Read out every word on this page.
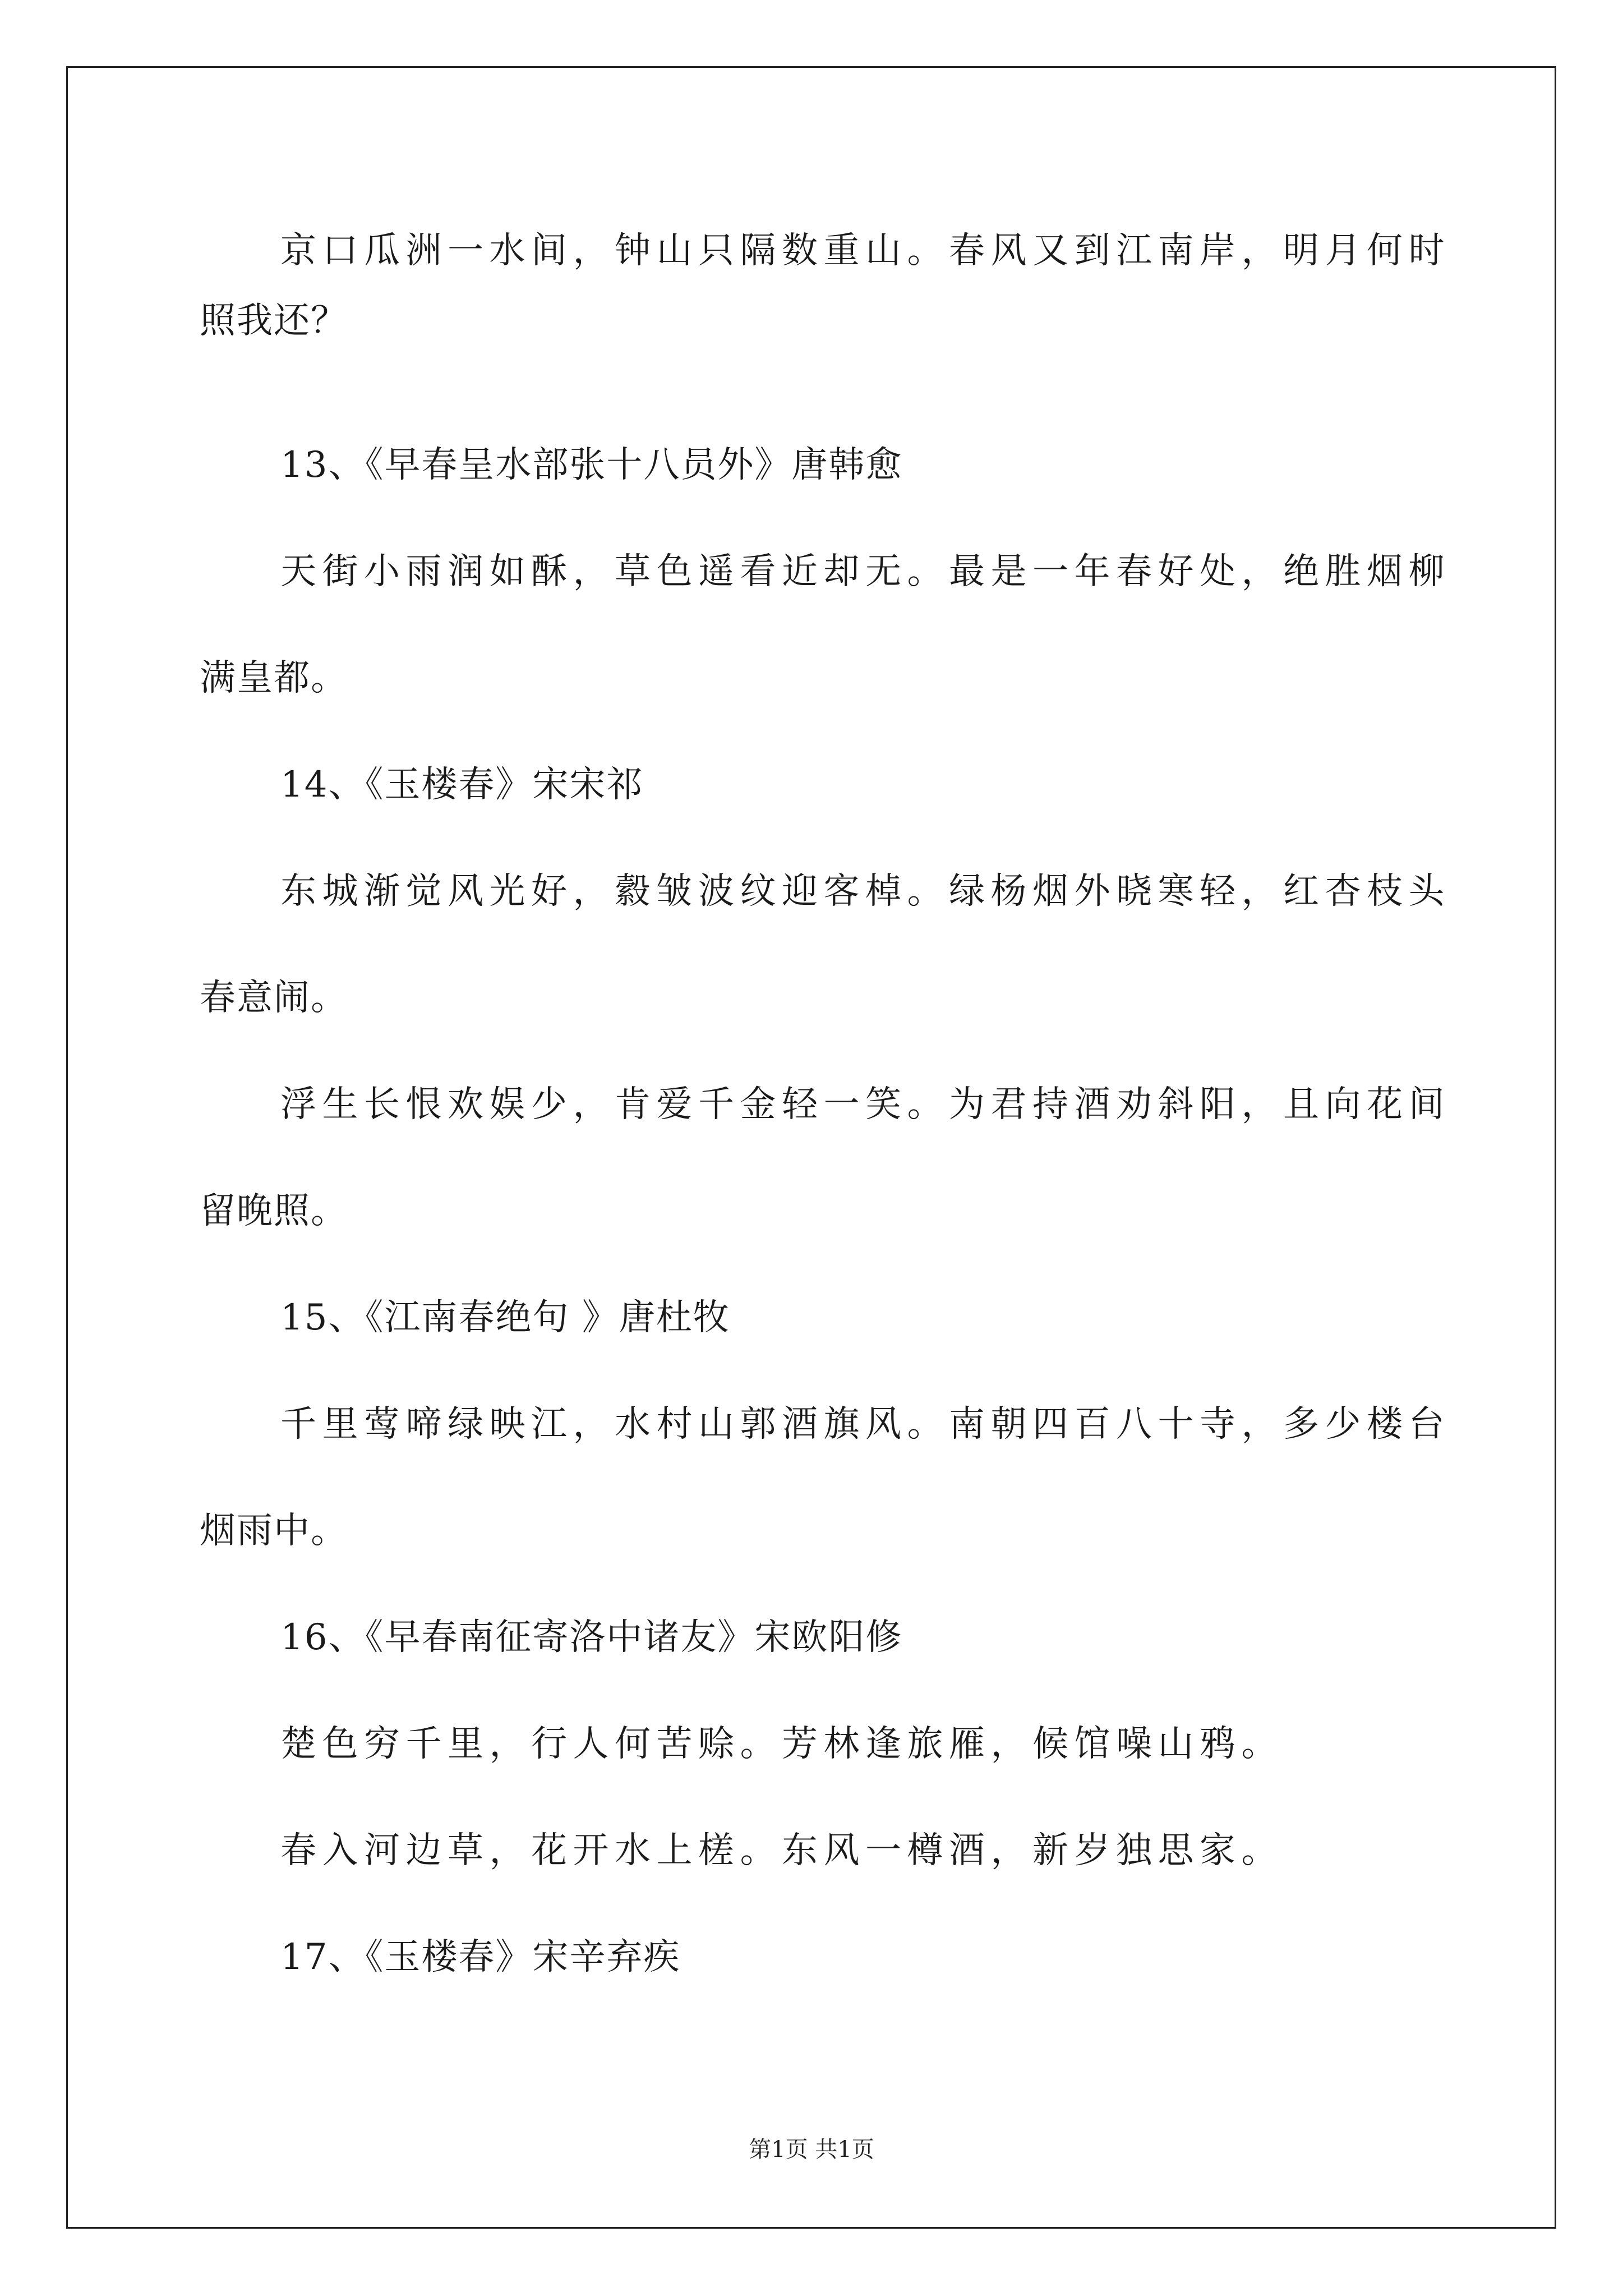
京口瓜洲一水间，钟山只隔数重山。春风又到江南岸，明月何时

照我还？

13、《早春呈水部张十八员外》唐韩愈

天街小雨润如酥，草色遥看近却无。最是一年春好处，绝胜烟柳

满皇都。

14、《玉楼春》宋宋祁

东城渐觉风光好，縠皱波纹迎客棹。绿杨烟外晓寒轻，红杏枝头

春意闹。

浮生长恨欢娱少，肯爱千金轻一笑。为君持酒劝斜阳，且向花间

留晚照。

15、《江南春绝句 》唐杜牧

千里莺啼绿映江，水村山郭酒旗风。南朝四百八十寺，多少楼台

烟雨中。

16、《早春南征寄洛中诸友》宋欧阳修

楚色穷千里，行人何苦赊。芳林逢旅雁，候馆噪山鸦。

春入河边草，花开水上槎。东风一樽酒，新岁独思家。

17、《玉楼春》宋辛弃疾

第1页 共1页
